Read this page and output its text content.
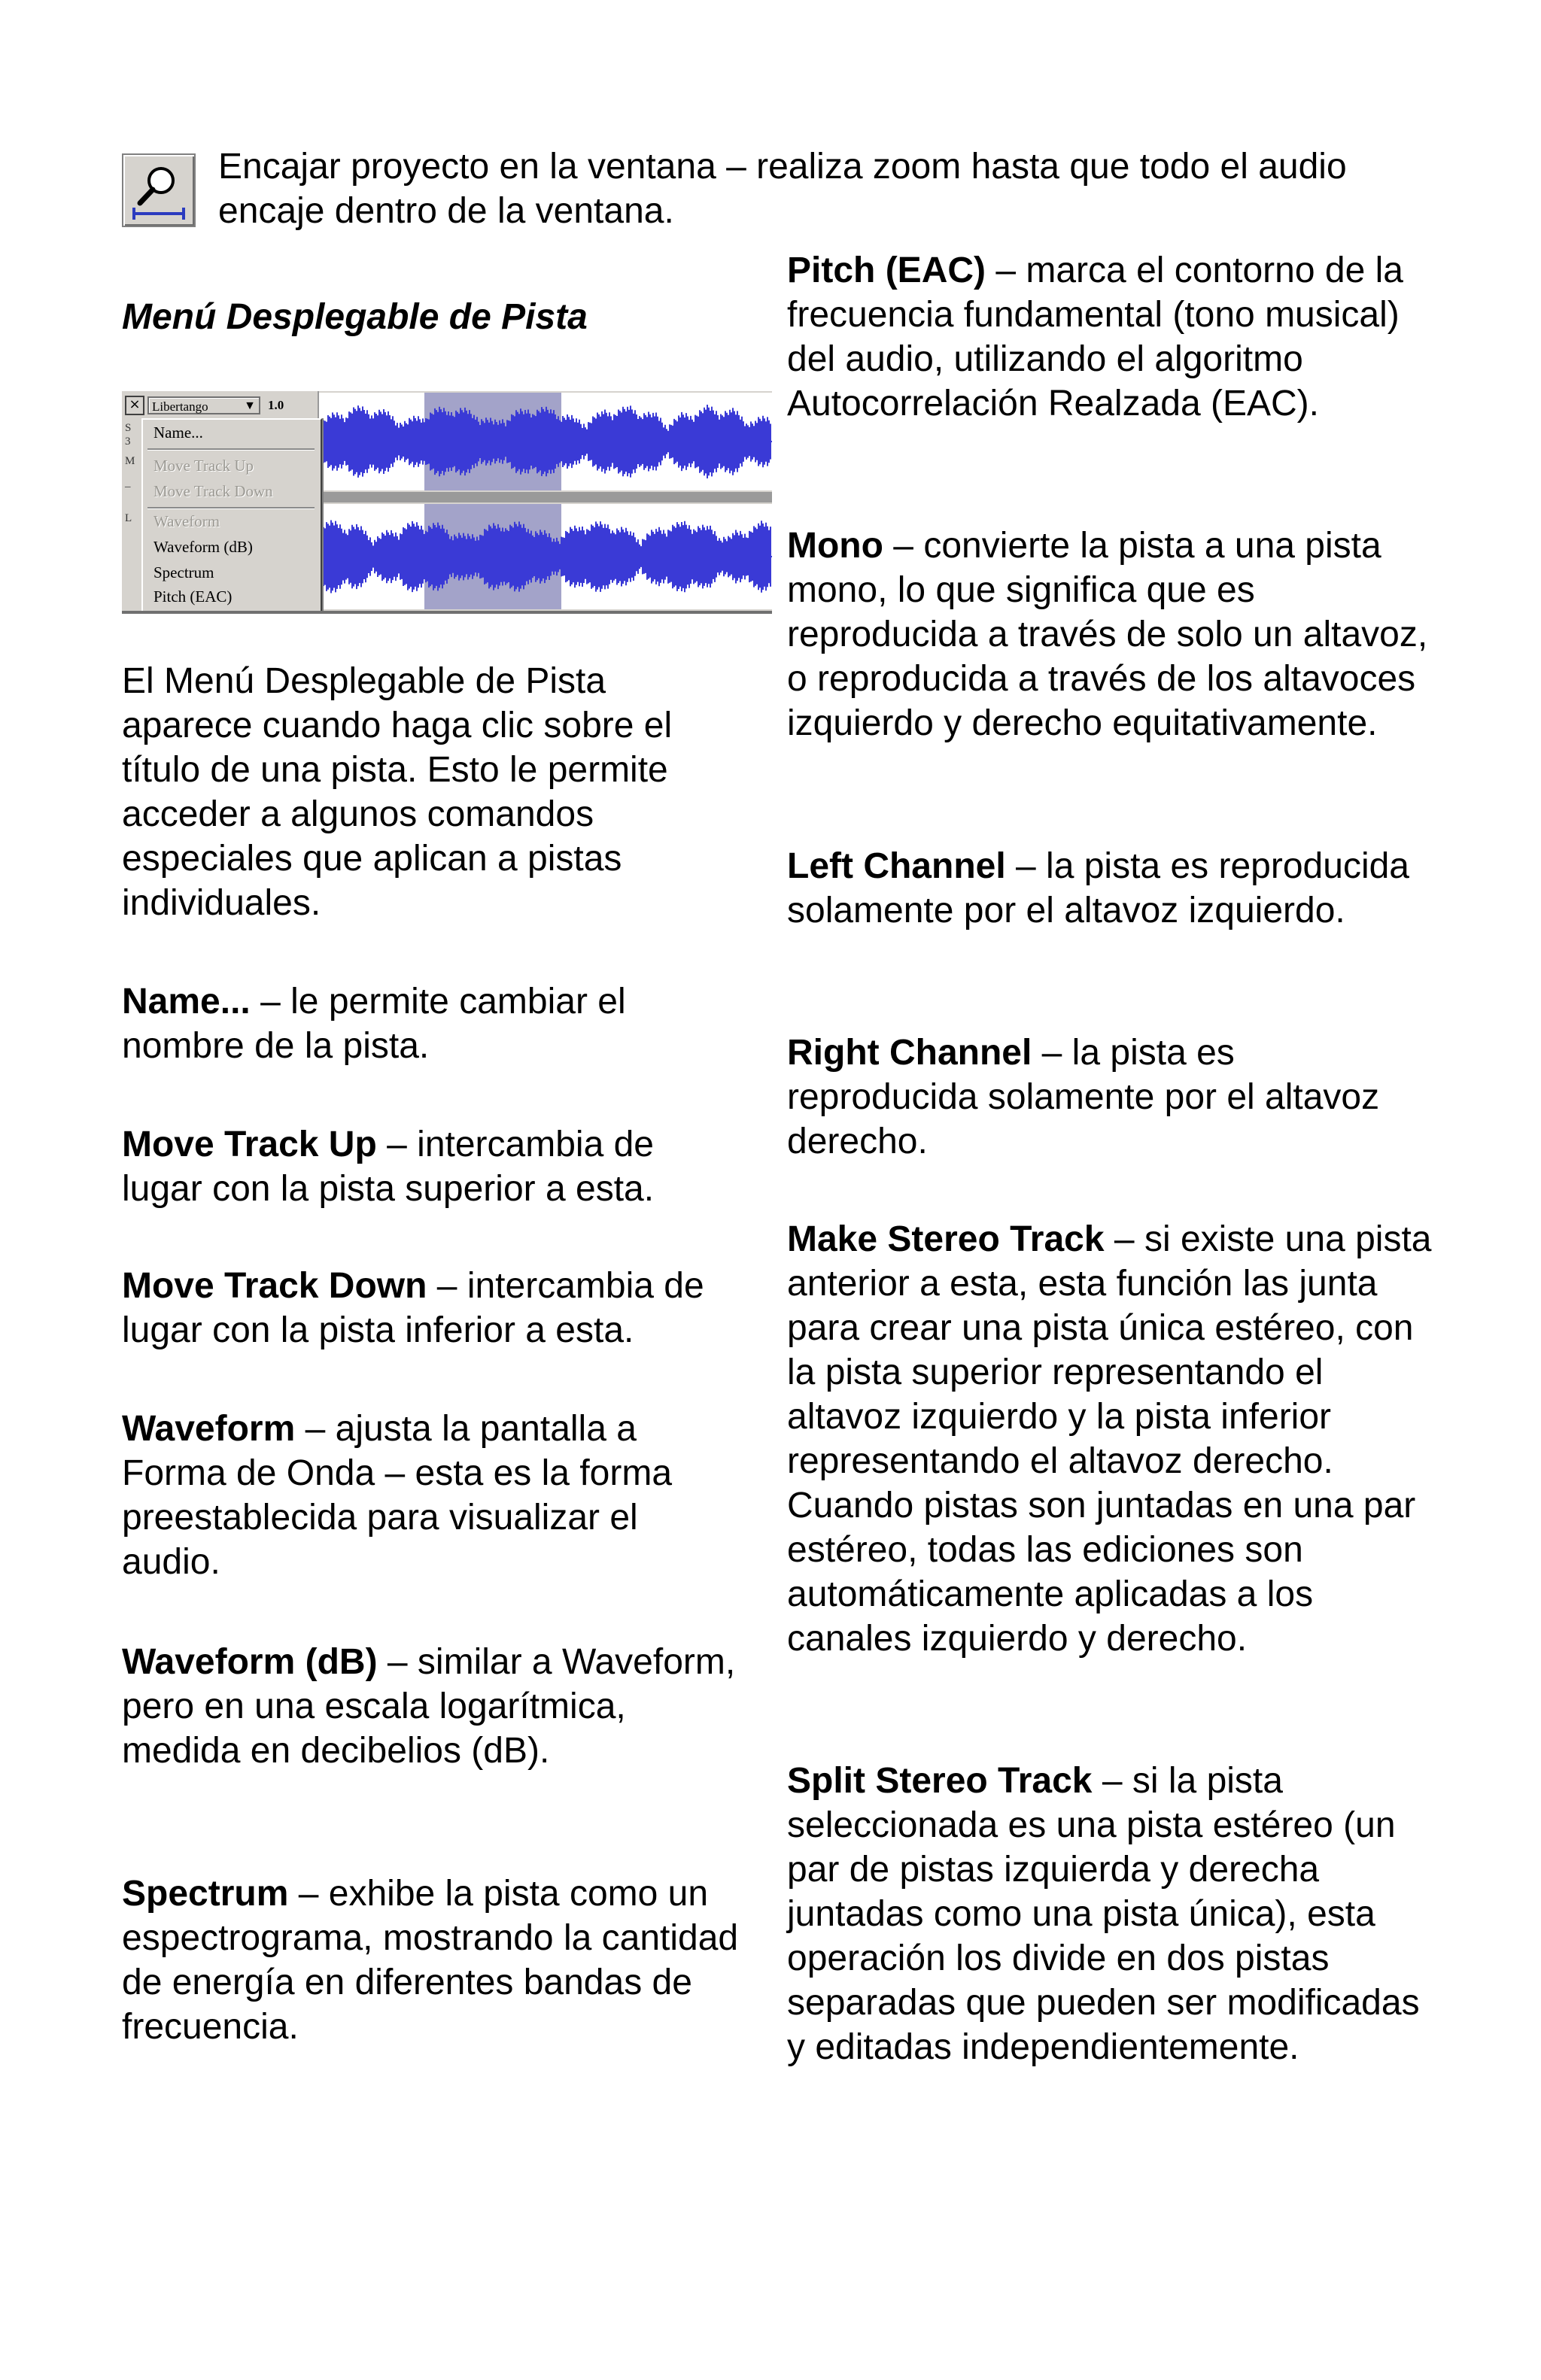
Encajar proyecto en la ventana – realiza zoom hasta que todo el audio encaje dentro de la ventana.

Menú Desplegable de Pista
× Libertango	▼ 1.0
S
3
M
–
L
Name...
Move Track Up
Move Track Down
Waveform
Waveform (dB)
Spectrum
Pitch (EAC)

El Menú Desplegable de Pista aparece cuando haga clic sobre el título de una pista. Esto le permite acceder a algunos comandos especiales que aplican a pistas individuales.

Name... – le permite cambiar el nombre de la pista.

Move Track Up – intercambia de lugar con la pista superior a esta.

Move Track Down – intercambia de lugar con la pista inferior a esta.

Waveform – ajusta la pantalla a Forma de Onda – esta es la forma preestablecida para visualizar el audio.

Waveform (dB) – similar a Waveform, pero en una escala logarítmica, medida en decibelios (dB).

Spectrum – exhibe la pista como un espectrograma, mostrando la cantidad de energía en diferentes bandas de frecuencia.

Pitch (EAC) – marca el contorno de la frecuencia fundamental (tono musical) del audio, utilizando el algoritmo Autocorrelación Realzada (EAC).

Mono – convierte la pista a una pista mono, lo que significa que es reproducida a través de solo un altavoz, o reproducida a través de los altavoces izquierdo y derecho equitativamente.

Left Channel – la pista es reproducida solamente por el altavoz izquierdo.

Right Channel – la pista es reproducida solamente por el altavoz derecho.

Make Stereo Track – si existe una pista anterior a esta, esta función las junta para crear una pista única estéreo, con la pista superior representando el altavoz izquierdo y la pista inferior representando el altavoz derecho. Cuando pistas son juntadas en una par estéreo, todas las ediciones son automáticamente aplicadas a los canales izquierdo y derecho.

Split Stereo Track – si la pista seleccionada es una pista estéreo (un par de pistas izquierda y derecha juntadas como una pista única), esta operación los divide en dos pistas separadas que pueden ser modificadas y editadas independientemente.
